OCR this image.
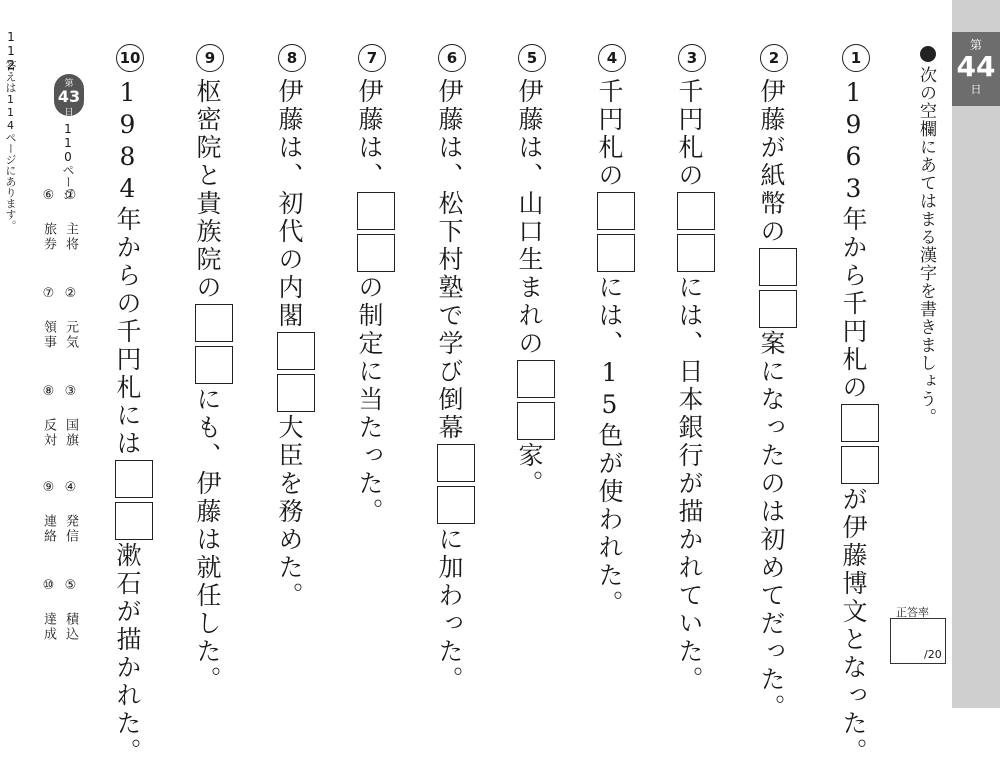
第
44
日
次の空欄にあてはまる漢字を書きましょう。
1
1963年から千円札のが伊藤博文となった。
2
伊藤が紙幣の案になったのは初めてだった。
3
千円札のには、日本銀行が描かれていた。
4
千円札のには、15色が使われた。
5
伊藤は、山口生まれの家。
6
伊藤は、松下村塾で学び倒幕に加わった。
7
伊藤は、の制定に当たった。
8
伊藤は、初代の内閣大臣を務めた。
9
枢密院と貴族院のにも、伊藤は就任した。
10
1984年からの千円札には漱石が描かれた。	正答率
/20
112
答えは114ページにあります。	第
43
日
110ページ
① 主将
⑥ 旅券
② 元気
⑦ 領事
③ 国旗
⑧ 反対
④ 発信
⑨ 連絡
⑤ 積込
⑩ 達成
